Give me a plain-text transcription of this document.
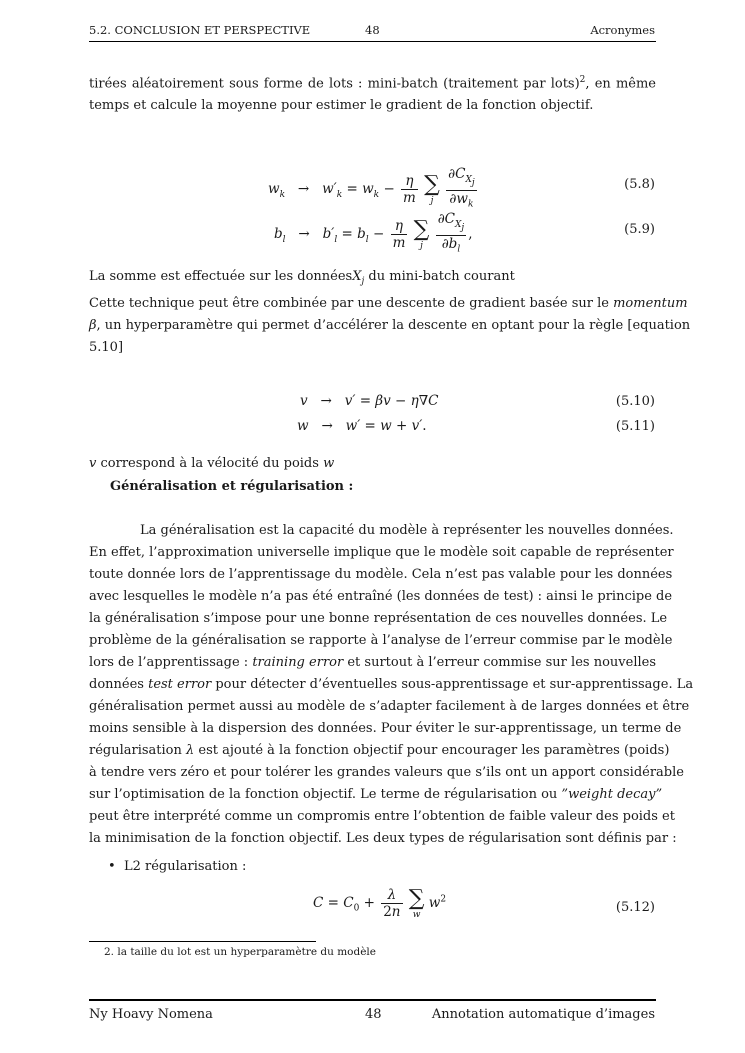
5.2. CONCLUSION ET PERSPECTIVE	48	Acronymes
tirées aléatoirement sous forme de lots : mini-batch (traitement par lots)$^2$, en même
temps et calcule la moyenne pour estimer le gradient de la fonction objectif.
$w_k \to w'_k = w_k - \frac{\eta}{m}$
∑
j
$\frac{\partial C_{X_j}}{\partial w_k}$	(5.8)
$b_l \to b'_l = b_l - \frac{\eta}{m}$
∑
j
$\frac{\partial C_{X_j}}{\partial b_l}$ ,	(5.9)
La somme est effectuée sur les donnéesX$_j$ du mini-batch courant
Cette technique peut être combinée par une descente de gradient basée sur le momentum
β, un hyperparamètre qui permet d’accélérer la descente en optant pour la règle [equation
5.10]
v   →   v′ = βv − η∇C	(5.10)
w   →   w′ = w + v′.	(5.11)
v correspond à la vélocité du poids w
Généralisation et régularisation :
La généralisation est la capacité du modèle à représenter les nouvelles données.
En effet, l’approximation universelle implique que le modèle soit capable de représenter
toute donnée lors de l’apprentissage du modèle. Cela n’est pas valable pour les données
avec lesquelles le modèle n’a pas été entraîné (les données de test) : ainsi le principe de
la généralisation s’impose pour une bonne représentation de ces nouvelles données. Le
problème de la généralisation se rapporte à l’analyse de l’erreur commise par le modèle
lors de l’apprentissage : training error et surtout à l’erreur commise sur les nouvelles
données test error pour détecter d’éventuelles sous-apprentissage et sur-apprentissage. La
généralisation permet aussi au modèle de s’adapter facilement à de larges données et être
moins sensible à la dispersion des données. Pour éviter le sur-apprentissage, un terme de
régularisation λ est ajouté à la fonction objectif pour encourager les paramètres (poids)
à tendre vers zéro et pour tolérer les grandes valeurs que s’ils ont un apport considérable
sur l’optimisation de la fonction objectif. Le terme de régularisation ou ”weight decay”
peut être interprété comme un compromis entre l’obtention de faible valeur des poids et
la minimisation de la fonction objectif. Les deux types de régularisation sont définis par :
• L2 régularisation :
$C = C_0 + \frac{\lambda}{2n}$
∑
w
$w^2$
(5.12)
2. la taille du lot est un hyperparamètre du modèle
Ny Hoavy Nomena	48	Annotation automatique d’images
